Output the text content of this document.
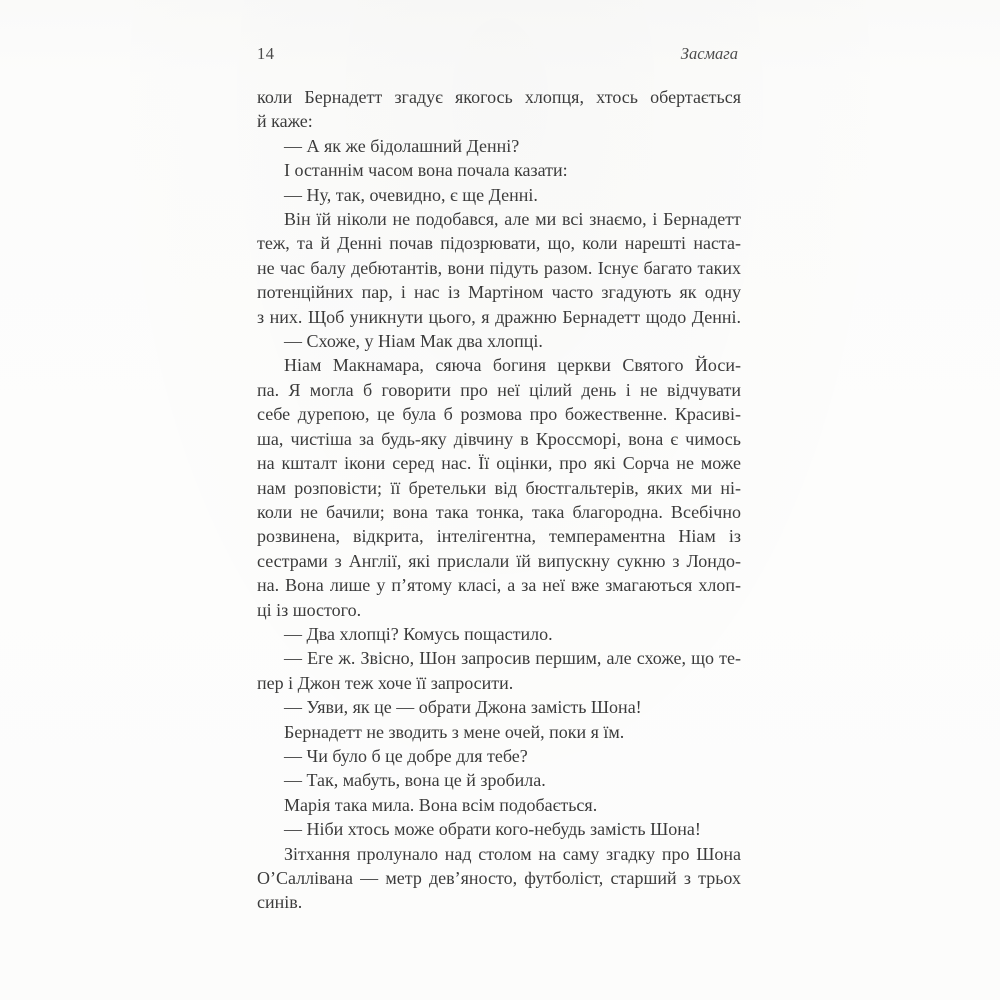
14	Засмага
коли Бернадетт згадує якогось хлопця, хтось обертається
й каже:
— А як же бідолашний Денні?
І останнім часом вона почала казати:
— Ну, так, очевидно, є ще Денні.
Він їй ніколи не подобався, але ми всі знаємо, і Бернадетт
теж, та й Денні почав підозрювати, що, коли нарешті наста-
не час балу дебютантів, вони підуть разом. Існує багато таких
потенційних пар, і нас із Мартіном часто згадують як одну
з них. Щоб уникнути цього, я дражню Бернадетт щодо Денні.
— Схоже, у Ніам Мак два хлопці.
Ніам Макнамара, сяюча богиня церкви Святого Йоси-
па. Я могла б говорити про неї цілий день і не відчувати
себе дурепою, це була б розмова про божественне. Красиві-
ша, чистіша за будь-яку дівчину в Кроссморі, вона є чимось
на кшталт ікони серед нас. Її оцінки, про які Сорча не може
нам розповісти; її бретельки від бюстгальтерів, яких ми ні-
коли не бачили; вона така тонка, така благородна. Всебічно
розвинена, відкрита, інтелігентна, темпераментна Ніам із
сестрами з Англії, які прислали їй випускну сукню з Лондо-
на. Вона лише у п’ятому класі, а за неї вже змагаються хлоп-
ці із шостого.
— Два хлопці? Комусь пощастило.
— Еге ж. Звісно, Шон запросив першим, але схоже, що те-
пер і Джон теж хоче її запросити.
— Уяви, як це — обрати Джона замість Шона!
Бернадетт не зводить з мене очей, поки я їм.
— Чи було б це добре для тебе?
— Так, мабуть, вона це й зробила.
Марія така мила. Вона всім подобається.
— Ніби хтось може обрати кого-небудь замість Шона!
Зітхання пролунало над столом на саму згадку про Шона
О’Саллівана — метр дев’яносто, футболіст, старший з трьох
синів.
